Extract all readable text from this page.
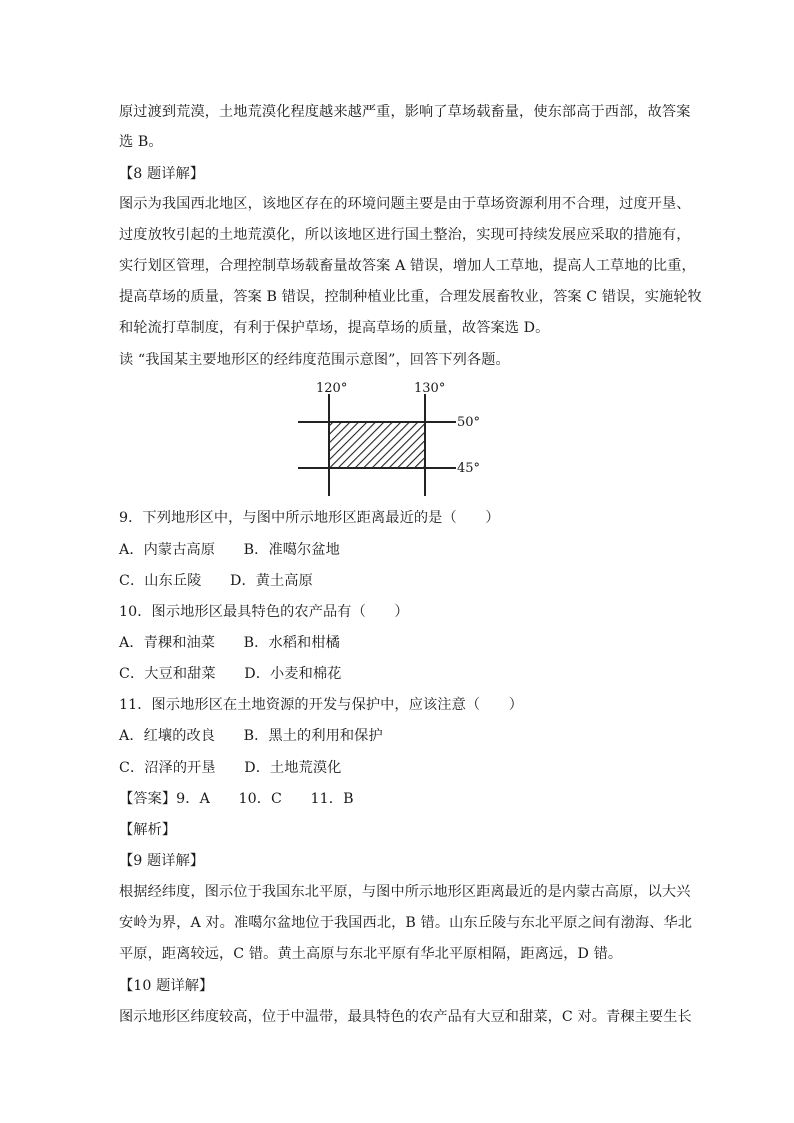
原过渡到荒漠，土地荒漠化程度越来越严重，影响了草场载畜量，使东部高于西部，故答案
选 B。
【8 题详解】
图示为我国西北地区，该地区存在的环境问题主要是由于草场资源利用不合理，过度开垦、
过度放牧引起的土地荒漠化，所以该地区进行国土整治，实现可持续发展应采取的措施有，
实行划区管理，合理控制草场载畜量故答案 A 错误，增加人工草地，提高人工草地的比重，
提高草场的质量，答案 B 错误，控制种植业比重，合理发展畜牧业，答案 C 错误，实施轮牧
和轮流打草制度，有利于保护草场，提高草场的质量，故答案选 D。
读 “我国某主要地形区的经纬度范围示意图”，回答下列各题。
120°	130°
50°
45°
9．下列地形区中，与图中所示地形区距离最近的是（　　）
A．内蒙古高原　　B．准噶尔盆地
C．山东丘陵　　D．黄土高原
10．图示地形区最具特色的农产品有（　　）
A．青稞和油菜　　B．水稻和柑橘
C．大豆和甜菜　　D．小麦和棉花
11．图示地形区在土地资源的开发与保护中，应该注意（　　）
A．红壤的改良　　B．黑土的利用和保护
C．沼泽的开垦　　D．土地荒漠化
【答案】9．A　　10．C　　11．B
【解析】
【9 题详解】
根据经纬度，图示位于我国东北平原，与图中所示地形区距离最近的是内蒙古高原，以大兴
安岭为界，A 对。准噶尔盆地位于我国西北，B 错。山东丘陵与东北平原之间有渤海、华北
平原，距离较远，C 错。黄土高原与东北平原有华北平原相隔，距离远，D 错。
【10 题详解】
图示地形区纬度较高，位于中温带，最具特色的农产品有大豆和甜菜，C 对。青稞主要生长
